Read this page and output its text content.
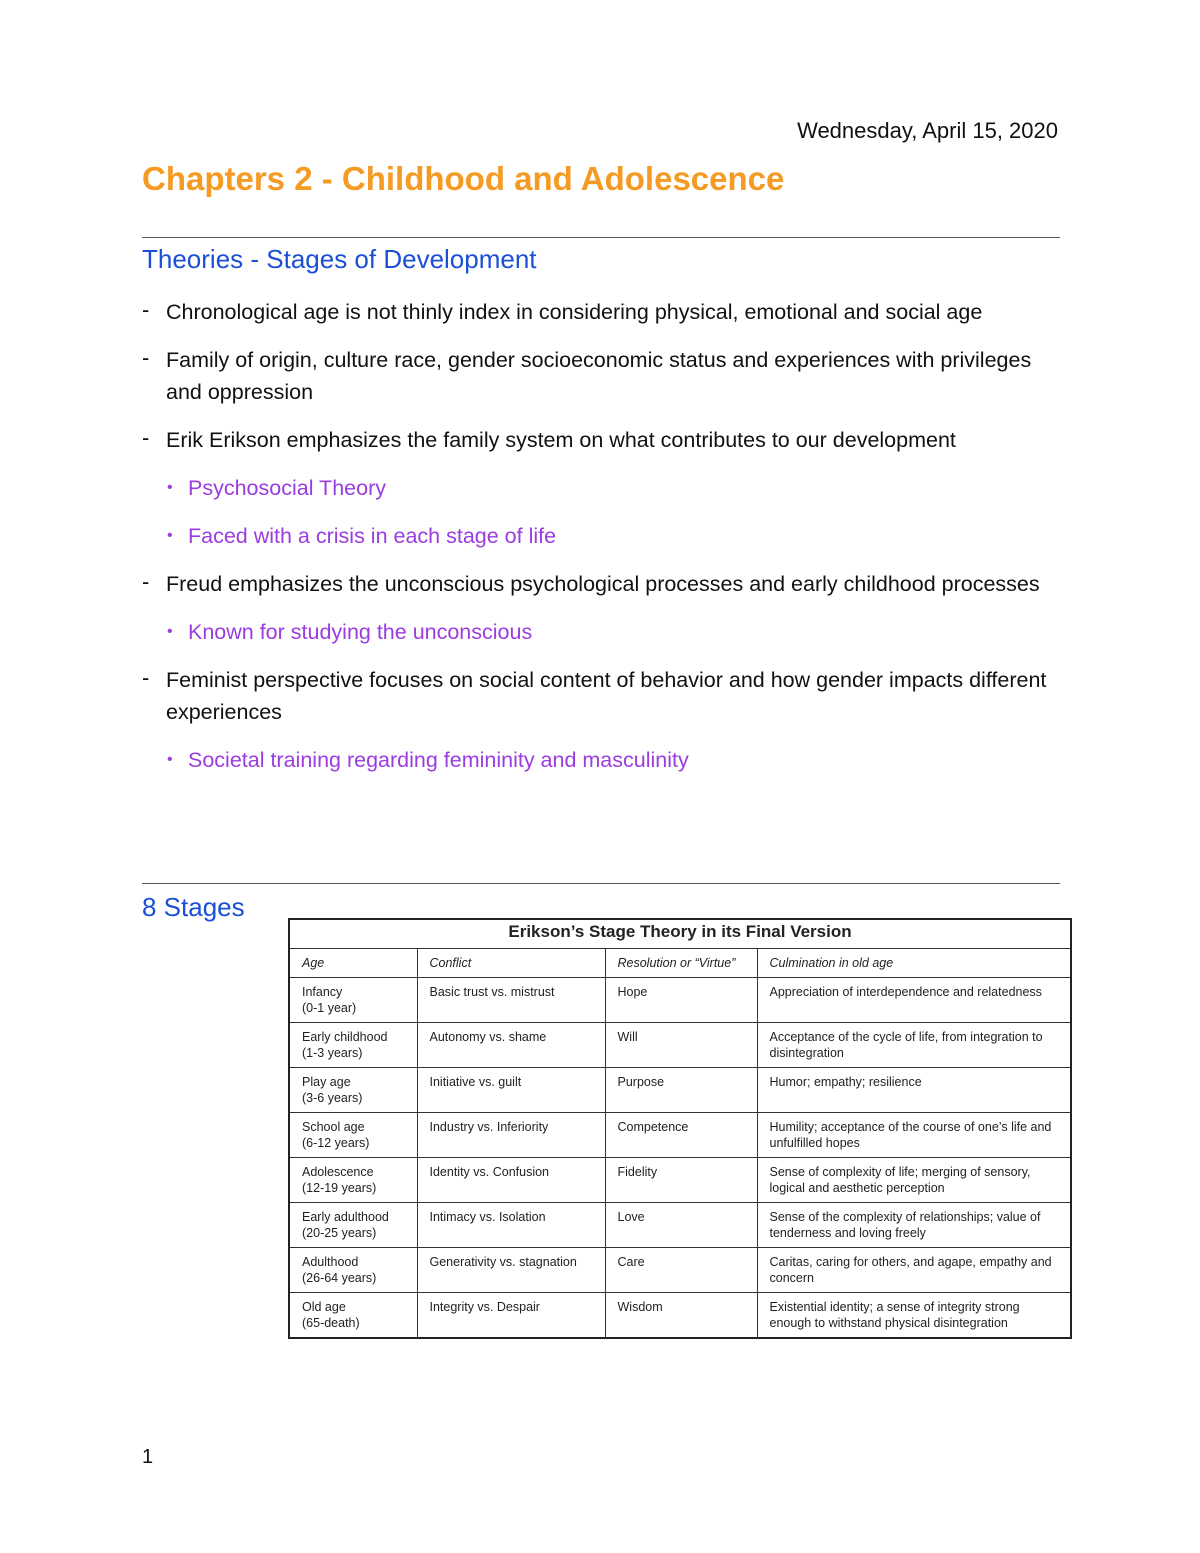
Wednesday, April 15, 2020
Chapters 2 - Childhood and Adolescence
Theories - Stages of Development
- Chronological age is not thinly index in considering physical, emotional and social age
- Family of origin, culture race, gender socioeconomic status and experiences with privileges and oppression
- Erik Erikson emphasizes the family system on what contributes to our development
• Psychosocial Theory
• Faced with a crisis in each stage of life
- Freud emphasizes the unconscious psychological processes and early childhood processes
• Known for studying the unconscious
- Feminist perspective focuses on social content of behavior and how gender impacts different experiences
• Societal training regarding femininity and masculinity
8 Stages
Erikson’s Stage Theory in its Final Version			
Age	Conflict	Resolution or “Virtue”	Culmination in old age

Infancy
(0-1 year)	Basic trust vs. mistrust	Hope	Appreciation of interdependence and relatedness

Early childhood
(1-3 years)	Autonomy vs. shame	Will	Acceptance of the cycle of life, from integration to disintegration

Play age
(3-6 years)	Initiative vs. guilt	Purpose	Humor; empathy; resilience

School age
(6-12 years)	Industry vs. Inferiority	Competence	Humility; acceptance of the course of one’s life and unfulfilled hopes

Adolescence
(12-19 years)	Identity vs. Confusion	Fidelity	Sense of complexity of life; merging of sensory, logical and aesthetic perception

Early adulthood
(20-25 years)	Intimacy vs. Isolation	Love	Sense of the complexity of relationships; value of tenderness and loving freely

Adulthood
(26-64 years)	Generativity vs. stagnation	Care	Caritas, caring for others, and agape, empathy and concern

Old age
(65-death)	Integrity vs. Despair	Wisdom	Existential identity; a sense of integrity strong enough to withstand physical disintegration
1
